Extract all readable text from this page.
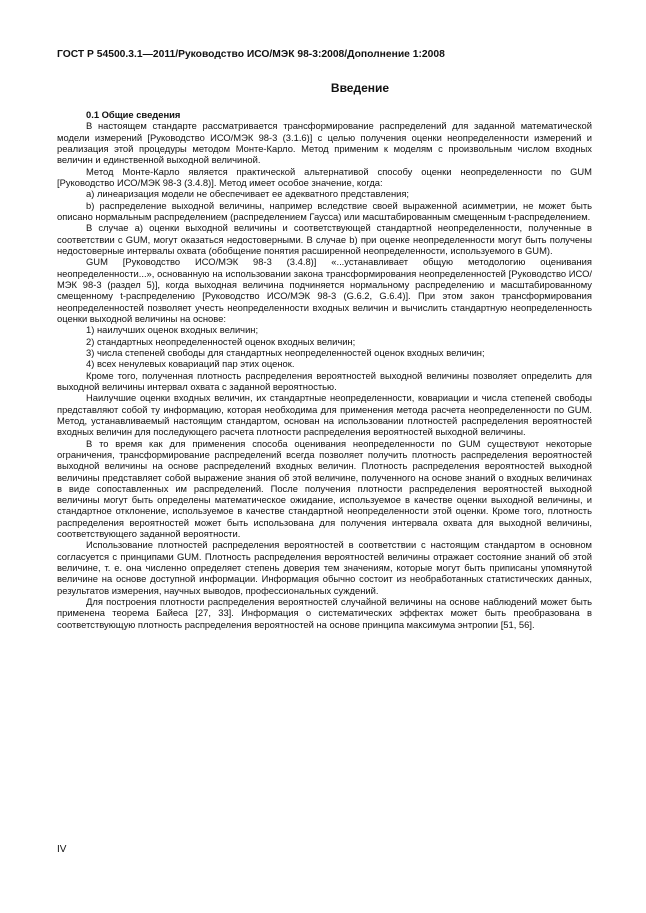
ГОСТ Р 54500.3.1—2011/Руководство ИСО/МЭК 98-3:2008/Дополнение 1:2008
Введение

0.1 Общие сведения

В настоящем стандарте рассматривается трансформирование распределений для заданной математической модели измерений [Руководство ИСО/МЭК 98-3 (3.1.6)] с целью получения оценки неопределенности измерений и реализация этой процедуры методом Монте-Карло. Метод применим к моделям с произвольным числом входных величин и единственной выходной величиной.

Метод Монте-Карло является практической альтернативой способу оценки неопределенности по GUM [Руководство ИСО/МЭК 98-3 (3.4.8)]. Метод имеет особое значение, когда:

a) линеаризация модели не обеспечивает ее адекватного представления;

b) распределение выходной величины, например вследствие своей выраженной асимметрии, не может быть описано нормальным распределением (распределением Гаусса) или масштабированным смещенным t-распределением.

В случае a) оценки выходной величины и соответствующей стандартной неопределенности, полученные в соответствии с GUM, могут оказаться недостоверными. В случае b) при оценке неопределенности могут быть получены недостоверные интервалы охвата (обобщение понятия расширенной неопределенности, используемого в GUM).

GUM [Руководство ИСО/МЭК 98-3 (3.4.8)] «...устанавливает общую методологию оценивания неопределенности...», основанную на использовании закона трансформирования неопределенностей [Руководство ИСО/МЭК 98-3 (раздел 5)], когда выходная величина подчиняется нормальному распределению и масштабированному смещенному t-распределению [Руководство ИСО/МЭК 98-3 (G.6.2, G.6.4)]. При этом закон трансформирования неопределенностей позволяет учесть неопределенности входных величин и вычислить стандартную неопределенность оценки выходной величины на основе:

1) наилучших оценок входных величин;

2) стандартных неопределенностей оценок входных величин;

3) числа степеней свободы для стандартных неопределенностей оценок входных величин;

4) всех ненулевых ковариаций пар этих оценок.

Кроме того, полученная плотность распределения вероятностей выходной величины позволяет определить для выходной величины интервал охвата с заданной вероятностью.

Наилучшие оценки входных величин, их стандартные неопределенности, ковариации и числа степеней свободы представляют собой ту информацию, которая необходима для применения метода расчета неопределенности по GUM. Метод, устанавливаемый настоящим стандартом, основан на использовании плотностей распределения вероятностей входных величин для последующего расчета плотности распределения вероятностей выходной величины.

В то время как для применения способа оценивания неопределенности по GUM существуют некоторые ограничения, трансформирование распределений всегда позволяет получить плотность распределения вероятностей выходной величины на основе распределений входных величин. Плотность распределения вероятностей выходной величины представляет собой выражение знания об этой величине, полученного на основе знаний о входных величинах в виде сопоставленных им распределений. После получения плотности распределения вероятностей выходной величины могут быть определены математическое ожидание, используемое в качестве оценки выходной величины, и стандартное отклонение, используемое в качестве стандартной неопределенности этой оценки. Кроме того, плотность распределения вероятностей может быть использована для получения интервала охвата для выходной величины, соответствующего заданной вероятности.

Использование плотностей распределения вероятностей в соответствии с настоящим стандартом в основном согласуется с принципами GUM. Плотность распределения вероятностей величины отражает состояние знаний об этой величине, т. е. она численно определяет степень доверия тем значениям, которые могут быть приписаны упомянутой величине на основе доступной информации. Информация обычно состоит из необработанных статистических данных, результатов измерения, научных выводов, профессиональных суждений.

Для построения плотности распределения вероятностей случайной величины на основе наблюдений может быть применена теорема Байеса [27, 33]. Информация о систематических эффектах может быть преобразована в соответствующую плотность распределения вероятностей на основе принципа максимума энтропии [51, 56].

IV
